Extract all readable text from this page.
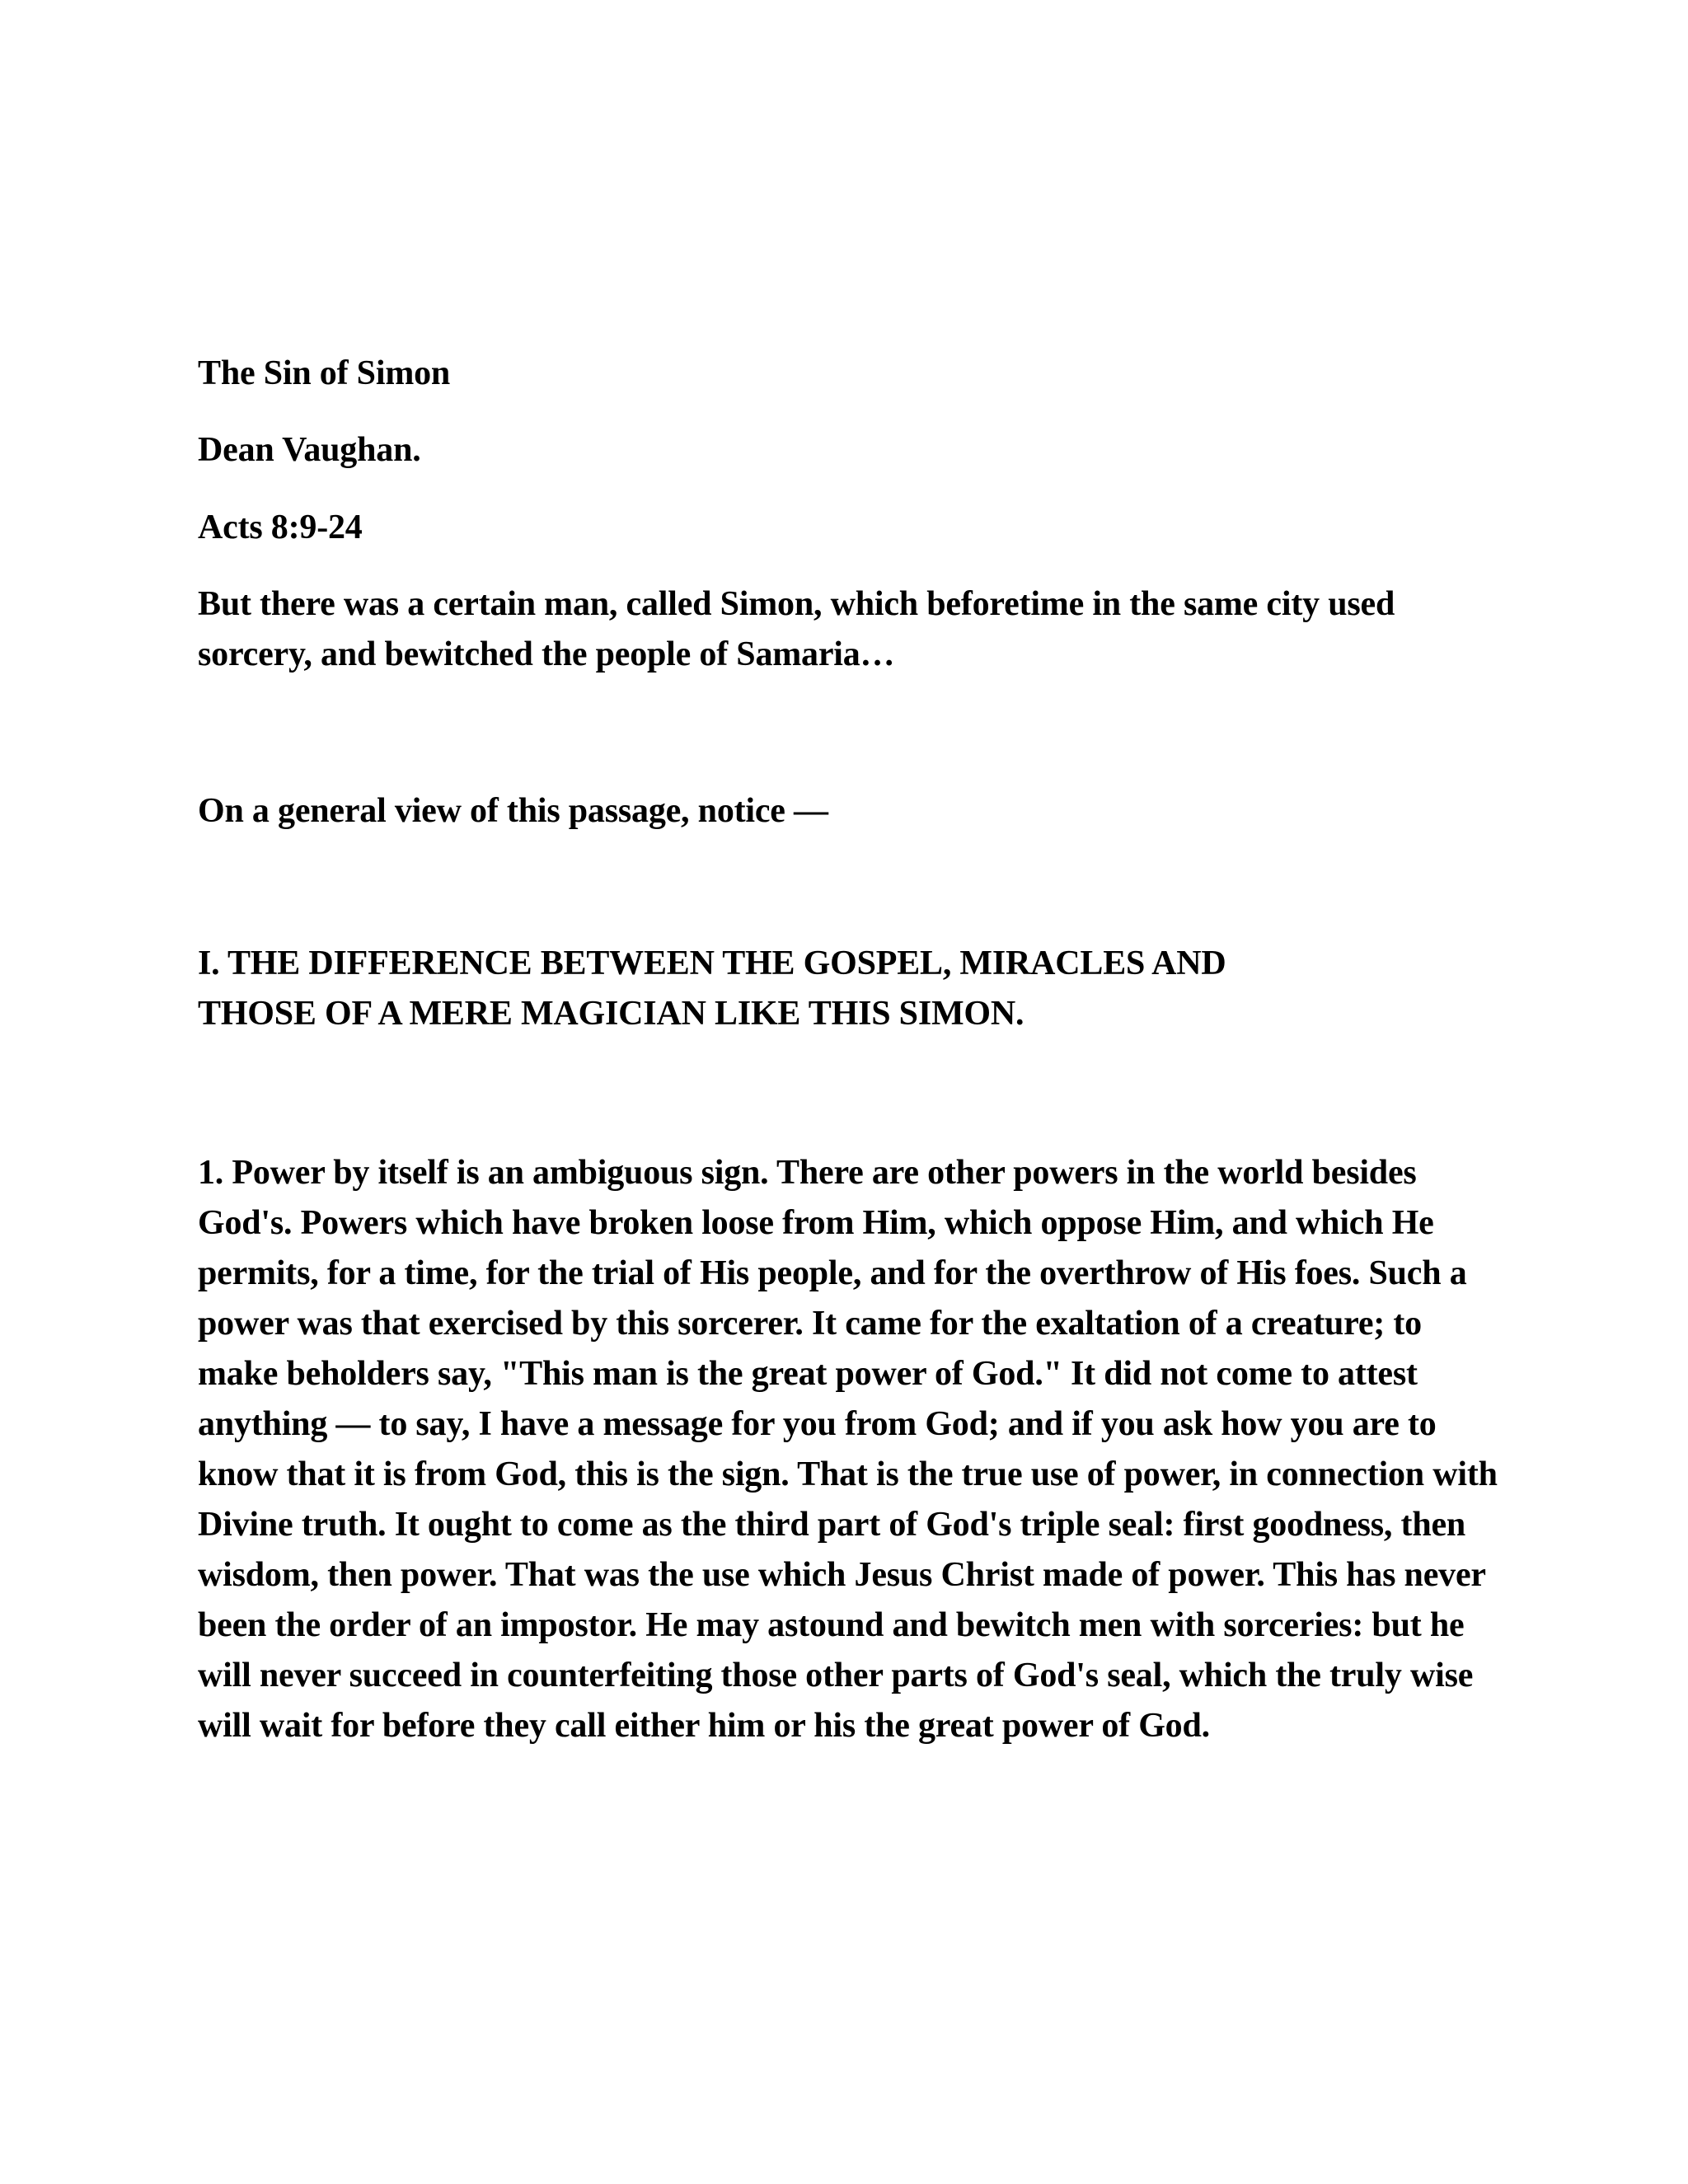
The Sin of Simon

Dean Vaughan.

Acts 8:9-24

But there was a certain man, called Simon, which beforetime in the same city used sorcery, and bewitched the people of Samaria…

On a general view of this passage, notice —

I. THE DIFFERENCE BETWEEN THE GOSPEL, MIRACLES AND
THOSE OF A MERE MAGICIAN LIKE THIS SIMON.

1. Power by itself is an ambiguous sign. There are other powers in the world besides God's. Powers which have broken loose from Him, which oppose Him, and which He permits, for a time, for the trial of His people, and for the overthrow of His foes. Such a power was that exercised by this sorcerer. It came for the exaltation of a creature; to make beholders say, "This man is the great power of God." It did not come to attest anything — to say, I have a message for you from God; and if you ask how you are to know that it is from God, this is the sign. That is the true use of power, in connection with Divine truth. It ought to come as the third part of God's triple seal: first goodness, then wisdom, then power. That was the use which Jesus Christ made of power. This has never been the order of an impostor. He may astound and bewitch men with sorceries: but he will never succeed in counterfeiting those other parts of God's seal, which the truly wise will wait for before they call either him or his the great power of God.
